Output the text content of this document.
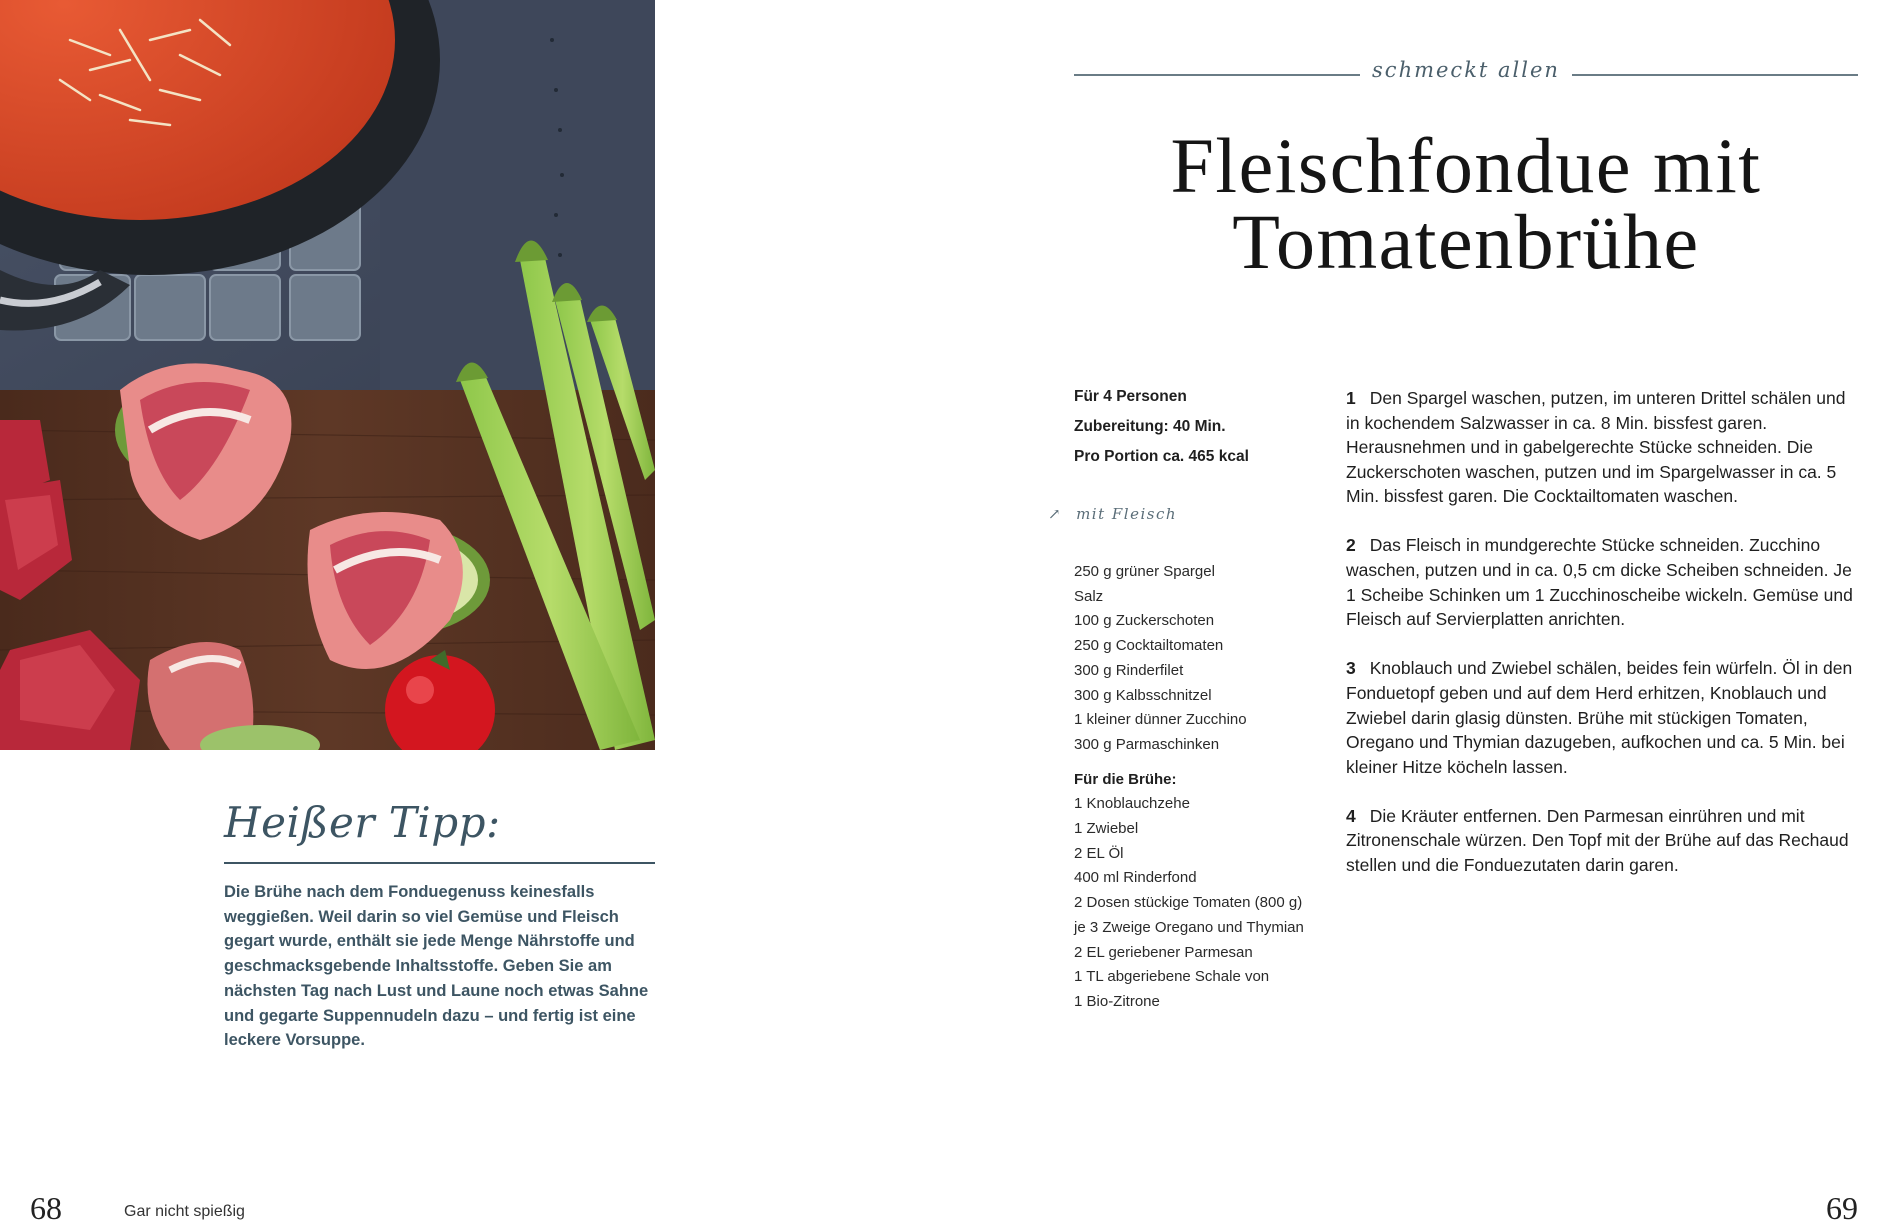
Heißer Tipp:

Die Brühe nach dem Fonduegenuss keinesfalls weggießen. Weil darin so viel Gemüse und Fleisch gegart wurde, enthält sie jede Menge Nährstoffe und geschmacksgebende Inhaltsstoffe. Geben Sie am nächsten Tag nach Lust und Laune noch etwas Sahne und gegarte Suppennudeln dazu – und fertig ist eine leckere Vorsuppe.

68	Gar nicht spießig
schmeckt allen
Fleischfondue mit
Tomatenbrühe

Für 4 Personen

Zubereitung: 40 Min.

Pro Portion ca. 465 kcal

↗ mit Fleisch
250 g grüner Spargel
Salz
100 g Zuckerschoten
250 g Cocktailtomaten
300 g Rinderfilet
300 g Kalbsschnitzel
1 kleiner dünner Zucchino
300 g Parmaschinken
Für die Brühe:
1 Knoblauchzehe
1 Zwiebel
2 EL Öl
400 ml Rinderfond
2 Dosen stückige Tomaten (800 g)
je 3 Zweige Oregano und Thymian
2 EL geriebener Parmesan
1 TL abgeriebene Schale von
1 Bio-Zitrone

1 Den Spargel waschen, putzen, im unteren Drittel schälen und in kochendem Salzwasser in ca. 8 Min. bissfest garen. Herausnehmen und in gabelgerechte Stücke schneiden. Die Zuckerschoten waschen, putzen und im Spargelwasser in ca. 5 Min. bissfest garen. Die Cocktailtomaten waschen.

2 Das Fleisch in mundgerechte Stücke schneiden. Zucchino waschen, putzen und in ca. 0,5 cm dicke Scheiben schneiden. Je 1 Scheibe Schinken um 1 Zucchinoscheibe wickeln. Gemüse und Fleisch auf Servierplatten anrichten.

3 Knoblauch und Zwiebel schälen, beides fein würfeln. Öl in den Fonduetopf geben und auf dem Herd erhitzen, Knoblauch und Zwiebel darin glasig dünsten. Brühe mit stückigen Tomaten, Oregano und Thymian dazugeben, aufkochen und ca. 5 Min. bei kleiner Hitze köcheln lassen.

4 Die Kräuter entfernen. Den Parmesan einrühren und mit Zitronenschale würzen. Den Topf mit der Brühe auf das Rechaud stellen und die Fonduezutaten darin garen.

69
